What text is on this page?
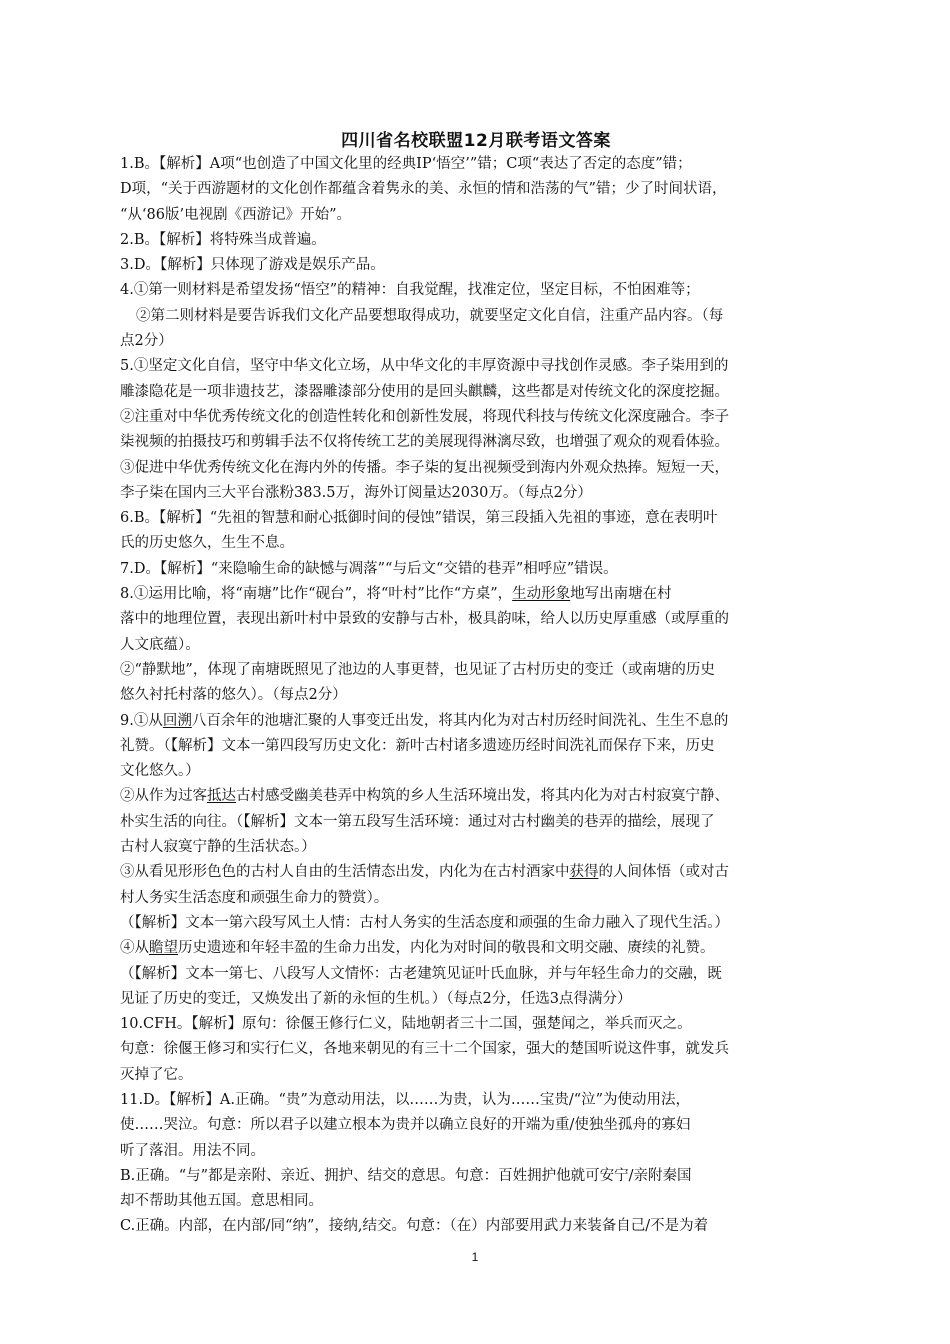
四川省名校联盟12月联考语文答案
1.B。【解析】A项“也创造了中国文化里的经典IP‘悟空’”错；C项“表达了否定的态度”错；
D项，“关于西游题材的文化创作都蕴含着隽永的美、永恒的情和浩荡的气”错；少了时间状语，
“从‘86版’电视剧《西游记》开始”。
2.B。【解析】将特殊当成普遍。
3.D。【解析】只体现了游戏是娱乐产品。
4.①第一则材料是希望发扬“悟空”的精神：自我觉醒，找准定位，坚定目标，不怕困难等；
②第二则材料是要告诉我们文化产品要想取得成功，就要坚定文化自信，注重产品内容。（每
点2分）
5.①坚定文化自信，坚守中华文化立场，从中华文化的丰厚资源中寻找创作灵感。李子柒用到的
雕漆隐花是一项非遗技艺，漆器雕漆部分使用的是回头麒麟，这些都是对传统文化的深度挖掘。
②注重对中华优秀传统文化的创造性转化和创新性发展，将现代科技与传统文化深度融合。李子
柒视频的拍摄技巧和剪辑手法不仅将传统工艺的美展现得淋漓尽致，也增强了观众的观看体验。
③促进中华优秀传统文化在海内外的传播。李子柒的复出视频受到海内外观众热捧。短短一天，
李子柒在国内三大平台涨粉383.5万，海外订阅量达2030万。（每点2分）
6.B。【解析】“先祖的智慧和耐心抵御时间的侵蚀”错误，第三段插入先祖的事迹，意在表明叶
氏的历史悠久，生生不息。
7.D。【解析】“来隐喻生命的缺憾与凋落”“与后文“交错的巷弄”相呼应”错误。
8.①运用比喻，将“南塘”比作“砚台”，将“叶村”比作“方桌”，生动形象地写出南塘在村
落中的地理位置，表现出新叶村中景致的安静与古朴，极具韵味，给人以历史厚重感（或厚重的
人文底蕴）。
②“静默地”，体现了南塘既照见了池边的人事更替，也见证了古村历史的变迁（或南塘的历史
悠久衬托村落的悠久）。（每点2分）
9.①从回溯八百余年的池塘汇聚的人事变迁出发，将其内化为对古村历经时间洗礼、生生不息的
礼赞。（【解析】文本一第四段写历史文化：新叶古村诸多遗迹历经时间洗礼而保存下来，历史
文化悠久。）
②从作为过客抵达古村感受幽美巷弄中构筑的乡人生活环境出发，将其内化为对古村寂寞宁静、
朴实生活的向往。（【解析】文本一第五段写生活环境：通过对古村幽美的巷弄的描绘，展现了
古村人寂寞宁静的生活状态。）
③从看见形形色色的古村人自由的生活情态出发，内化为在古村酒家中获得的人间体悟（或对古
村人务实生活态度和顽强生命力的赞赏）。
（【解析】文本一第六段写风土人情：古村人务实的生活态度和顽强的生命力融入了现代生活。）
④从瞻望历史遗迹和年轻丰盈的生命力出发，内化为对时间的敬畏和文明交融、赓续的礼赞。
（【解析】文本一第七、八段写人文情怀：古老建筑见证叶氏血脉，并与年轻生命力的交融，既
见证了历史的变迁，又焕发出了新的永恒的生机。）（每点2分，任选3点得满分）
10.CFH。【解析】原句：徐偃王修行仁义，陆地朝者三十二国，强楚闻之，举兵而灭之。
句意：徐偃王修习和实行仁义，各地来朝见的有三十二个国家，强大的楚国听说这件事，就发兵
灭掉了它。
11.D。【解析】A.正确。“贵”为意动用法，以……为贵，认为……宝贵/“泣”为使动用法，
使……哭泣。句意：所以君子以建立根本为贵并以确立良好的开端为重/使独坐孤舟的寡妇
听了落泪。用法不同。
B.正确。“与”都是亲附、亲近、拥护、结交的意思。句意：百姓拥护他就可安宁/亲附秦国
却不帮助其他五国。意思相同。
C.正确。内部，在内部/同“纳”，接纳,结交。句意：（在）内部要用武力来装备自己/不是为着
1
